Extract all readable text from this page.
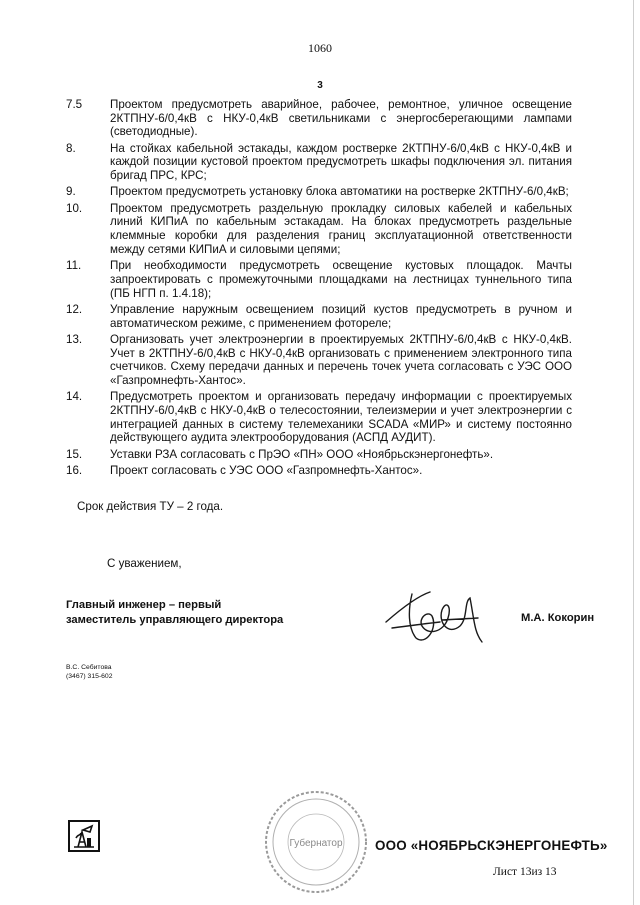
1060
3
7.5	Проектом предусмотреть аварийное, рабочее, ремонтное, уличное освещение 2КТПНУ-6/0,4кВ с НКУ-0,4кВ светильниками с энергосберегающими лампами (светодиодные).
8.	На стойках кабельной эстакады, каждом ростверке 2КТПНУ-6/0,4кВ с НКУ-0,4кВ и каждой позиции кустовой проектом предусмотреть шкафы подключения эл. питания бригад ПРС, КРС;
9.	Проектом предусмотреть установку блока автоматики на ростверке 2КТПНУ-6/0,4кВ;
10.	Проектом предусмотреть раздельную прокладку силовых кабелей и кабельных линий КИПиА по кабельным эстакадам. На блоках предусмотреть раздельные клеммные коробки для разделения границ эксплуатационной ответственности между сетями КИПиА и силовыми цепями;
11.	При необходимости предусмотреть освещение кустовых площадок. Мачты запроектировать с промежуточными площадками на лестницах туннельного типа (ПБ НГП п. 1.4.18);
12.	Управление наружным освещением позиций кустов предусмотреть в ручном и автоматическом режиме, с применением фотореле;
13.	Организовать учет электроэнергии в проектируемых 2КТПНУ-6/0,4кВ с НКУ-0,4кВ. Учет в 2КТПНУ-6/0,4кВ с НКУ-0,4кВ организовать с применением электронного типа счетчиков. Схему передачи данных и перечень точек учета согласовать с УЭС ООО «Газпромнефть-Хантос».
14.	Предусмотреть проектом и организовать передачу информации с проектируемых 2КТПНУ-6/0,4кВ с НКУ-0,4кВ о телесостоянии, телеизмерии и учет электроэнергии с интеграцией данных в систему телемеханики SCADA «МИР» и систему постоянно действующего аудита электрооборудования (АСПД АУДИТ).
15.	Уставки РЗА согласовать с ПрЭО «ПН» ООО «Ноябрьскэнергонефть».
16.	Проект согласовать с УЭС ООО «Газпромнефть-Хантос».
Срок действия ТУ – 2 года.
С уважением,
Главный инженер – первый
заместитель управляющего директора	М.А. Кокорин
В.С. Себитова
(3467) 315-602
Губернатор ООО «НОЯБРЬСКЭНЕРГОНЕФТЬ»
Лист 13из 13
